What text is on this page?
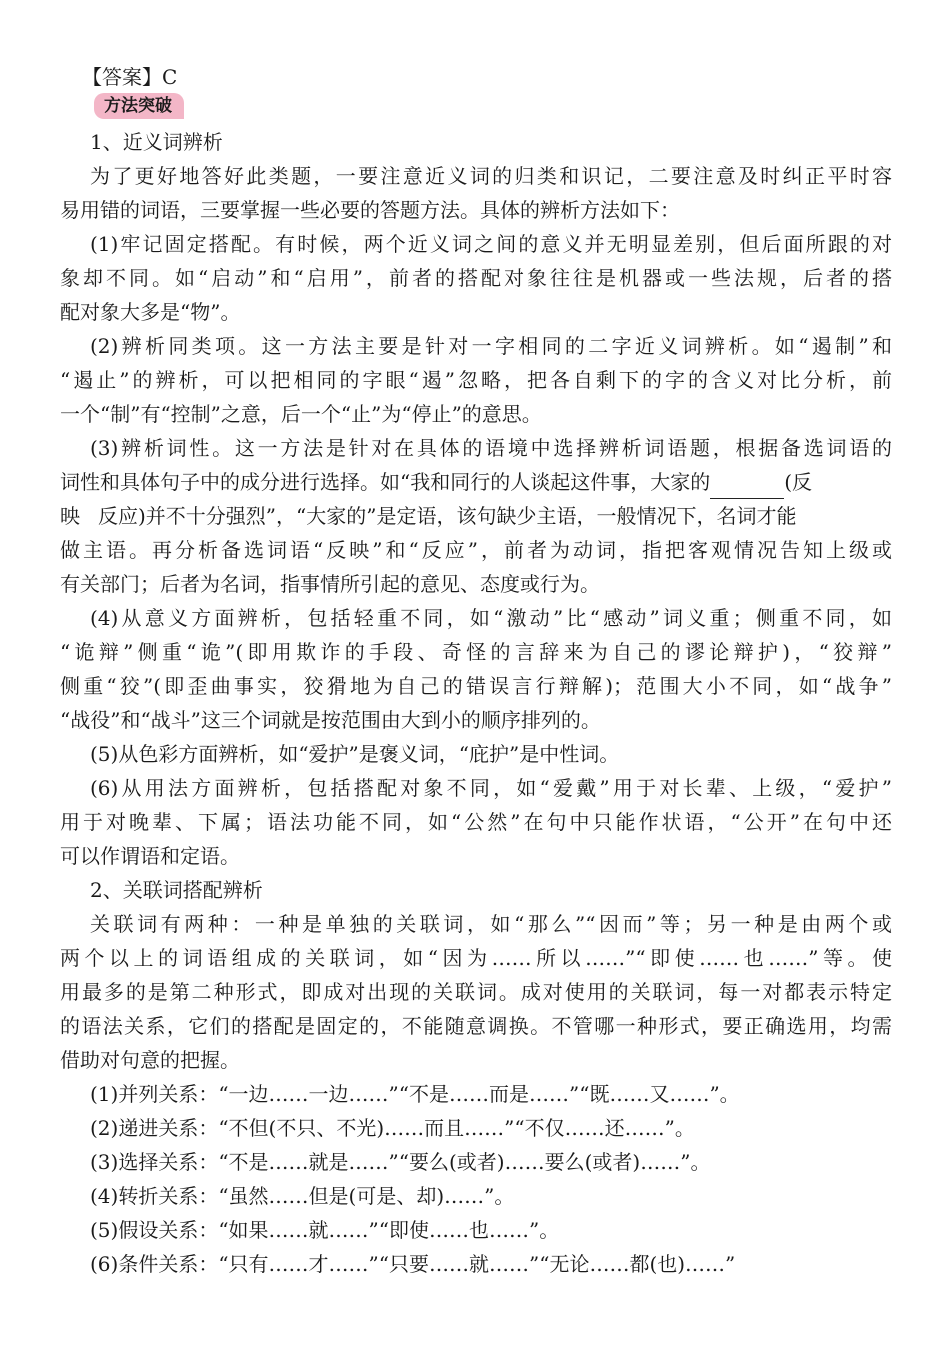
【答案】C
方法突破
1、近义词辨析
为了更好地答好此类题，一要注意近义词的归类和识记，二要注意及时纠正平时容
易用错的词语，三要掌握一些必要的答题方法。具体的辨析方法如下：
(1)牢记固定搭配。有时候，两个近义词之间的意义并无明显差别，但后面所跟的对
象却不同。如“启动”和“启用”，前者的搭配对象往往是机器或一些法规，后者的搭
配对象大多是“物”。
(2)辨析同类项。这一方法主要是针对一字相同的二字近义词辨析。如“遏制”和
“遏止”的辨析，可以把相同的字眼“遏”忽略，把各自剩下的字的含义对比分析，前
一个“制”有“控制”之意，后一个“止”为“停止”的意思。
(3)辨析词性。这一方法是针对在具体的语境中选择辨析词语题，根据备选词语的
词性和具体句子中的成分进行选择。如“我和同行的人谈起这件事，大家的	(反
映 反应)并不十分强烈”，“大家的”是定语，该句缺少主语，一般情况下，名词才能
做主语。再分析备选词语“反映”和“反应”，前者为动词，指把客观情况告知上级或
有关部门；后者为名词，指事情所引起的意见、态度或行为。
(4)从意义方面辨析，包括轻重不同，如“激动”比“感动”词义重；侧重不同，如
“诡辩”侧重“诡”(即用欺诈的手段、奇怪的言辞来为自己的谬论辩护)，“狡辩”
侧重“狡”(即歪曲事实，狡猾地为自己的错误言行辩解)；范围大小不同，如“战争”
“战役”和“战斗”这三个词就是按范围由大到小的顺序排列的。
(5)从色彩方面辨析，如“爱护”是褒义词，“庇护”是中性词。
(6)从用法方面辨析，包括搭配对象不同，如“爱戴”用于对长辈、上级，“爱护”
用于对晚辈、下属；语法功能不同，如“公然”在句中只能作状语，“公开”在句中还
可以作谓语和定语。
2、关联词搭配辨析
关联词有两种：一种是单独的关联词，如“那么”“因而”等；另一种是由两个或
两个以上的词语组成的关联词，如“因为……所以……”“即使……也……”等。使
用最多的是第二种形式，即成对出现的关联词。成对使用的关联词，每一对都表示特定
的语法关系，它们的搭配是固定的，不能随意调换。不管哪一种形式，要正确选用，均需
借助对句意的把握。
(1)并列关系：“一边……一边……”“不是……而是……”“既……又……”。
(2)递进关系：“不但(不只、不光)……而且……”“不仅……还……”。
(3)选择关系：“不是……就是……”“要么(或者)……要么(或者)……”。
(4)转折关系：“虽然……但是(可是、却)……”。
(5)假设关系：“如果……就……”“即使……也……”。
(6)条件关系：“只有……才……”“只要……就……”“无论……都(也)……”
